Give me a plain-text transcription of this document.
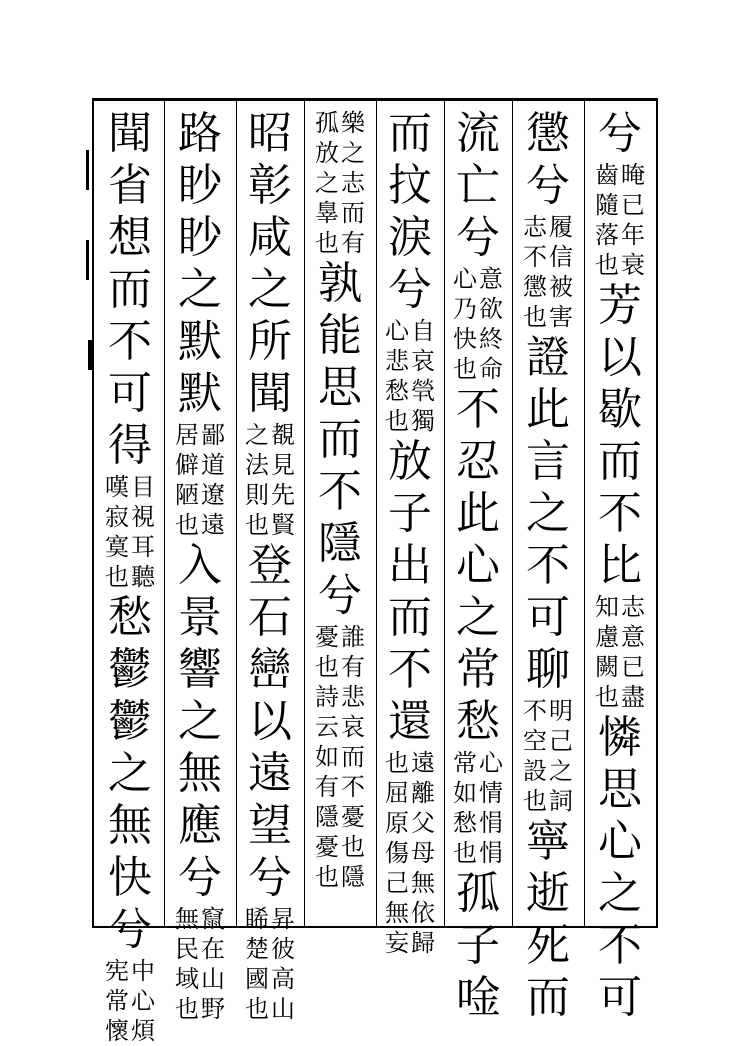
兮
晻
已
年
衰
齒
隨
落
也
芳
以
歇
而
不
比
志
意
已
盡
知
慮
闕
也
憐
思
心
之
不
可
懲
兮
履
信
被
害
志
不
懲
也
證
此
言
之
不
可
聊
明
己
之
詞
不
空
設
也
寧
逝
死
而
流
亡
兮
意
欲
終
命
心
乃
快
也
不
忍
此
心
之
常
愁
心
情
悁
悁
常
如
愁
也
孤
子
唫
而
抆
淚
兮
自
哀
煢
獨
心
悲
愁
也
放
子
出
而
不
還
遠
離
父
母
無
依
歸
也
屈
原
傷
己
無
妄
樂
之
志
而
有
孤
放
之
辠
也
孰
能
思
而
不
隱
兮
誰
有
悲
哀
而
不
憂
也
隱
憂
也
詩
云
如
有
隱
憂
也
昭
彰
咸
之
所
聞
覩
見
先
賢
之
法
則
也
登
石
巒
以
遠
望
兮
昇
彼
高
山
睎
楚
國
也
路
眇
眇
之
默
默
鄙
道
遼
遠
居
僻
陋
也
入
景
響
之
無
應
兮
竄
在
山
野
無
民
域
也
聞
省
想
而
不
可
得
目
視
耳
聽
嘆
寂
寞
也
愁
鬱
鬱
之
無
快
兮
中
心
煩
宪
常
懷
